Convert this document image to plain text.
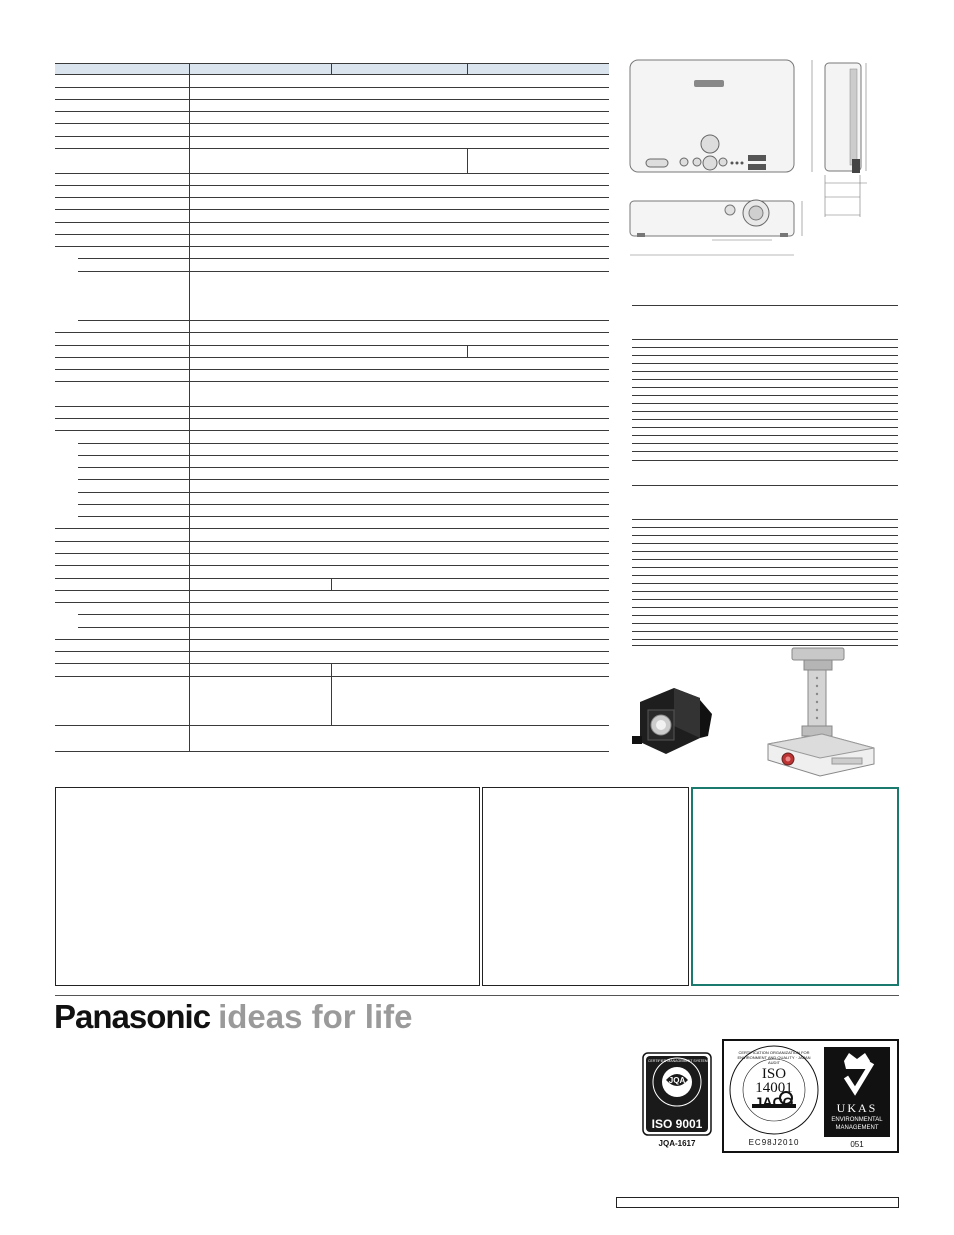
Panasonic ideas for life
JQA
CERTIFIED MANAGEMENT SYSTEM
ISO 9001
JQA-1617
CERTIFICATION ORGANIZATION FOR ENVIRONMENT AND QUALITY · JAPAN AUDIT
ISO
14001
JACO
EC98J2010
UKAS
ENVIRONMENTAL
MANAGEMENT
051
